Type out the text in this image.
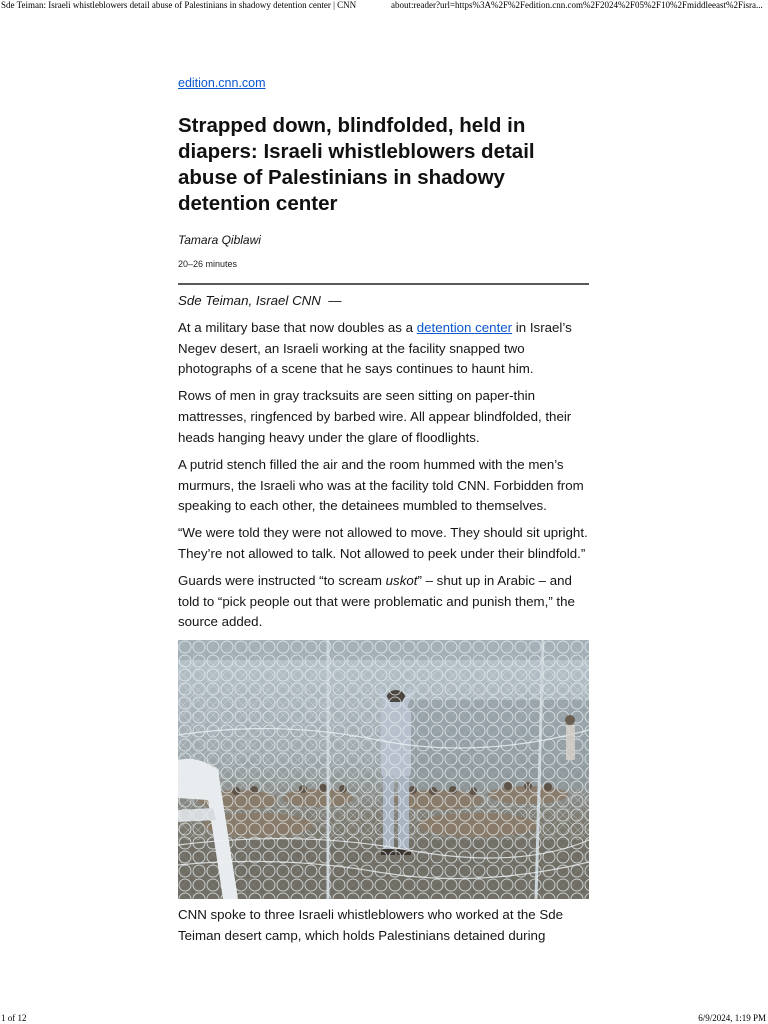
Sde Teiman: Israeli whistleblowers detail abuse of Palestinians in shadowy detention center | CNN	about:reader?url=https%3A%2F%2Fedition.cnn.com%2F2024%2F05%2F10%2Fmiddleeast%2Fisra...
edition.cnn.com
Strapped down, blindfolded, held in diapers: Israeli whistleblowers detail abuse of Palestinians in shadowy detention center
Tamara Qiblawi
20–26 minutes

Sde Teiman, Israel CNN —

At a military base that now doubles as a detention center in Israel’s Negev desert, an Israeli working at the facility snapped two photographs of a scene that he says continues to haunt him.

Rows of men in gray tracksuits are seen sitting on paper-thin mattresses, ringfenced by barbed wire. All appear blindfolded, their heads hanging heavy under the glare of floodlights.

A putrid stench filled the air and the room hummed with the men’s murmurs, the Israeli who was at the facility told CNN. Forbidden from speaking to each other, the detainees mumbled to themselves.

“We were told they were not allowed to move. They should sit upright. They’re not allowed to talk. Not allowed to peek under their blindfold.”

Guards were instructed “to scream uskot” – shut up in Arabic – and told to “pick people out that were problematic and punish them,” the source added.

CNN spoke to three Israeli whistleblowers who worked at the Sde Teiman desert camp, which holds Palestinians detained during
1 of 12	6/9/2024, 1:19 PM
